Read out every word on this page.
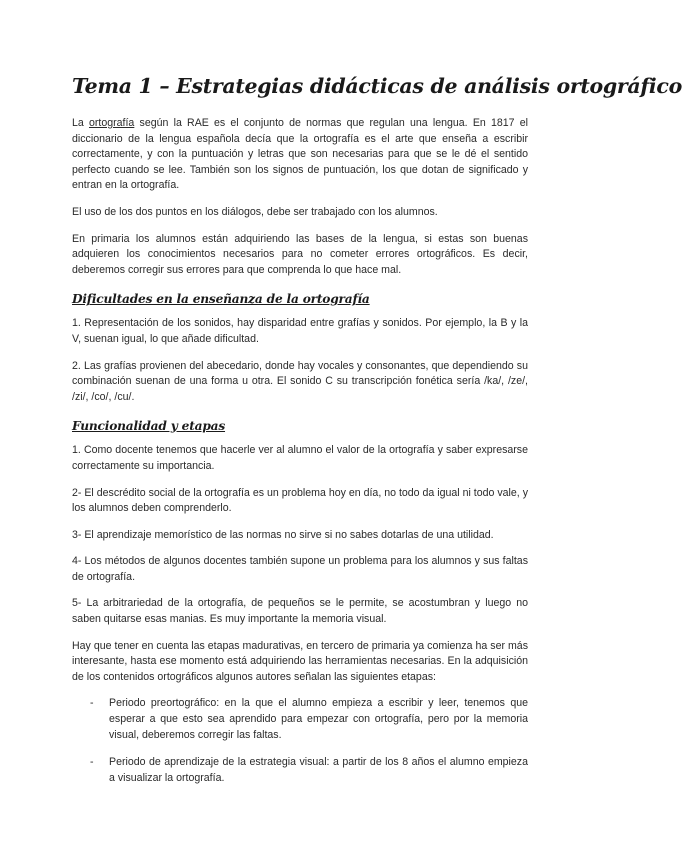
Tema 1 – Estrategias didácticas de análisis ortográfico

La ortografía según la RAE es el conjunto de normas que regulan una lengua. En 1817 el diccionario de la lengua española decía que la ortografía es el arte que enseña a escribir correctamente, y con la puntuación y letras que son necesarias para que se le dé el sentido perfecto cuando se lee. También son los signos de puntuación, los que dotan de significado y entran en la ortografía.

El uso de los dos puntos en los diálogos, debe ser trabajado con los alumnos.

En primaria los alumnos están adquiriendo las bases de la lengua, si estas son buenas adquieren los conocimientos necesarios para no cometer errores ortográficos. Es decir, deberemos corregir sus errores para que comprenda lo que hace mal.

Dificultades en la enseñanza de la ortografía

1. Representación de los sonidos, hay disparidad entre grafías y sonidos. Por ejemplo, la B y la V, suenan igual, lo que añade dificultad.

2. Las grafías provienen del abecedario, donde hay vocales y consonantes, que dependiendo su combinación suenan de una forma u otra. El sonido C su transcripción fonética sería /ka/, /ze/, /zi/, /co/, /cu/.

Funcionalidad y etapas

1. Como docente tenemos que hacerle ver al alumno el valor de la ortografía y saber expresarse correctamente su importancia.

2- El descrédito social de la ortografía es un problema hoy en día, no todo da igual ni todo vale, y los alumnos deben comprenderlo.

3- El aprendizaje memorístico de las normas no sirve si no sabes dotarlas de una utilidad.

4- Los métodos de algunos docentes también supone un problema para los alumnos y sus faltas de ortografía.

5- La arbitrariedad de la ortografía, de pequeños se le permite, se acostumbran y luego no saben quitarse esas manias. Es muy importante la memoria visual.

Hay que tener en cuenta las etapas madurativas, en tercero de primaria ya comienza ha ser más interesante, hasta ese momento está adquiriendo las herramientas necesarias. En la adquisición de los contenidos ortográficos algunos autores señalan las siguientes etapas:

- Periodo preortográfico: en la que el alumno empieza a escribir y leer, tenemos que esperar a que esto sea aprendido para empezar con ortografía, pero por la memoria visual, deberemos corregir las faltas.
- Periodo de aprendizaje de la estrategia visual: a partir de los 8 años el alumno empieza a visualizar la ortografía.
